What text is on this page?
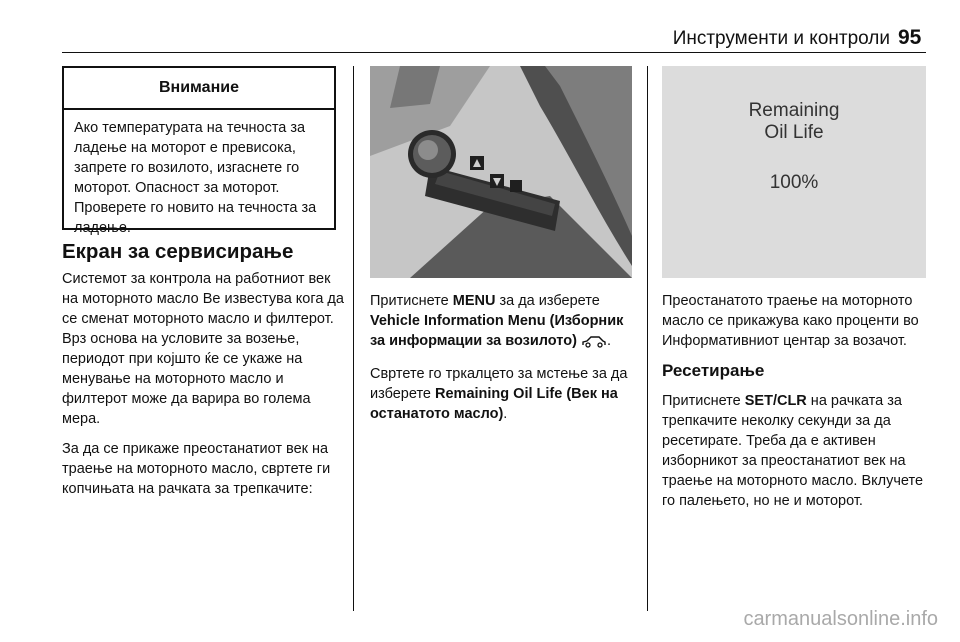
Инструменти и контроли 95
Внимание
Ако температурата на течноста за ладење на моторот е превисока, запрете го возилото, изгаснете го моторот. Опасност за моторот. Проверете го новито на течноста за ладење.
Екран за сервисирање

Системот за контрола на работниот век на моторното масло Ве известува кога да се сменат моторното масло и филтерот. Врз основа на условите за возење, периодот при којшто ќе се укаже на менување на моторното масло и филтерот може да варира во голема мера.

За да се прикаже преостанатиот век на траење на моторното масло, свртете ги копчињата на рачката за трепкачите:

Притиснете MENU за да изберете Vehicle Information Menu (Изборник за информации за возилото) .

Свртете го тркалцето за мстење за да изберете Remaining Oil Life (Век на останатото масло).

Remaining
Oil Life
100%

Преостанатото траење на моторното масло се прикажува како проценти во Информативниот центар за возачот.

Ресетирање

Притиснете SET/CLR на рачката за трепкачите неколку секунди за да ресетирате. Треба да е активен изборникот за преостанатиот век на траење на моторното масло. Вклучете го палењето, но не и моторот.

carmanualsonline.info
